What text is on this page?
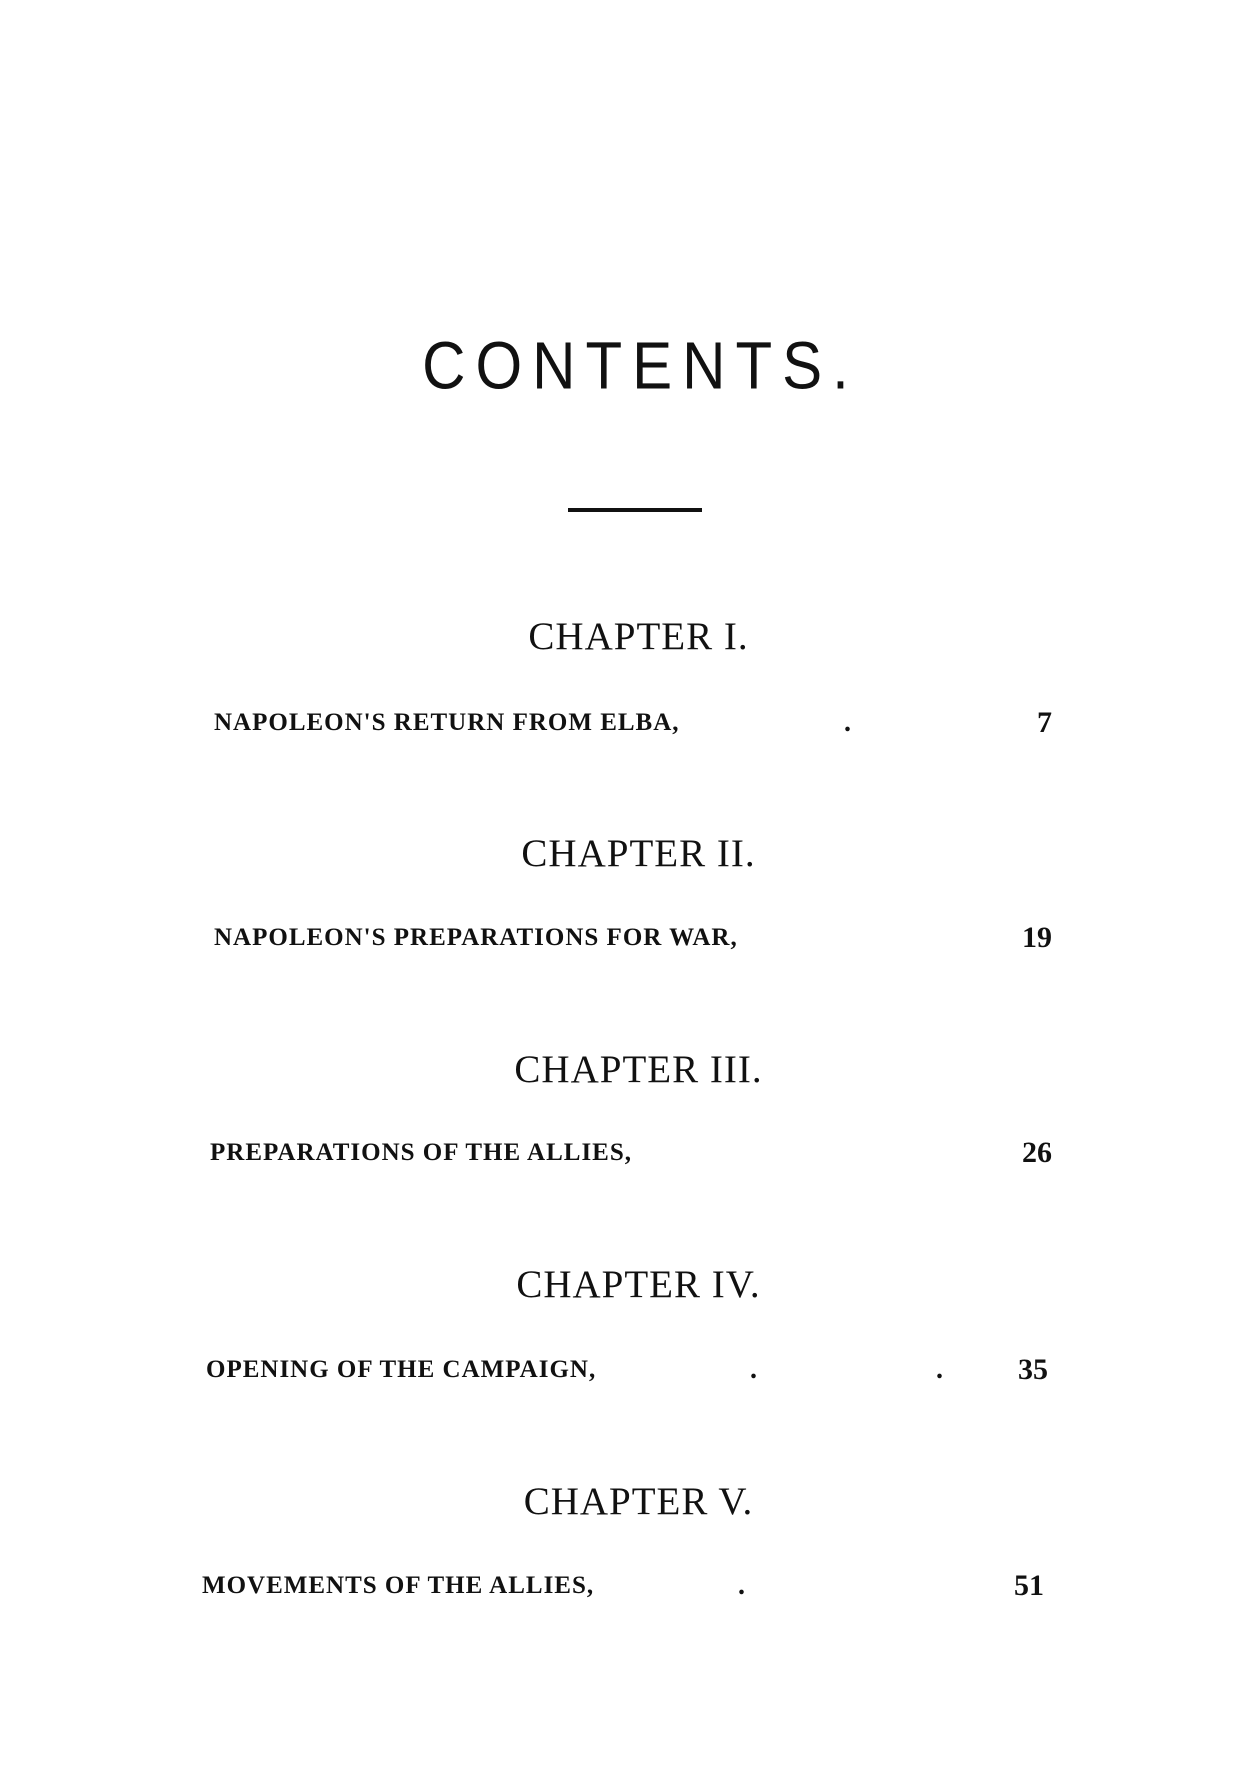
CONTENTS.
CHAPTER I.
NAPOLEON'S RETURN FROM ELBA,	.	7
CHAPTER II.
NAPOLEON'S PREPARATIONS FOR WAR,	19
CHAPTER III.
PREPARATIONS OF THE ALLIES,	26
CHAPTER IV.
OPENING OF THE CAMPAIGN,	.	.	35
CHAPTER V.
MOVEMENTS OF THE ALLIES,	.	51
